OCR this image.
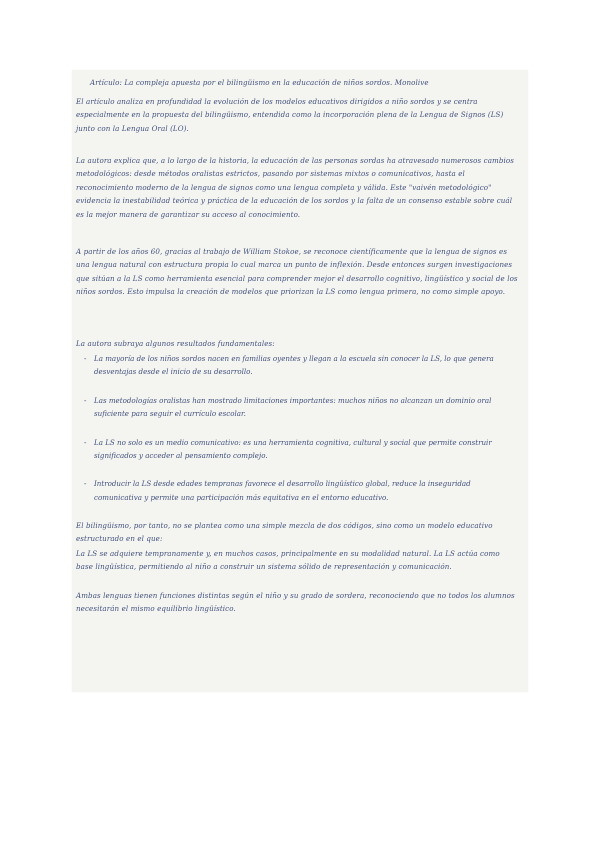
Artículo: La compleja apuesta por el bilingüismo en la educación de niños sordos. Monolive
El artículo analiza en profundidad la evolución de los modelos educativos dirigidos a niño sordos y se centra especialmente en la propuesta del bilingüismo, entendida como la incorporación plena de la Lengua de Signos (LS) junto con la Lengua Oral (LO).
La autora explica que, a lo largo de la historia, la educación de las personas sordas ha atravesado numerosos cambios metodológicos: desde métodos oralistas estrictos, pasando por sistemas mixtos o comunicativos, hasta el reconocimiento moderno de la lengua de signos como una lengua completa y válida. Este "vaivén metodológico" evidencia la inestabilidad teórica y práctica de la educación de los sordos y la falta de un consenso estable sobre cuál es la mejor manera de garantizar su acceso al conocimiento.
A partir de los años 60, gracias al trabajo de William Stokoe, se reconoce científicamente que la lengua de signos es una lengua natural con estructura propia lo cual marca un punto de inflexión. Desde entonces surgen investigaciones que sitúan a la LS como herramienta esencial para comprender mejor el desarrollo cognitivo, lingüístico y social de los niños sordos. Esto impulsa la creación de modelos que priorizan la LS como lengua primera, no como simple apoyo.
La autora subraya algunos resultados fundamentales:
- La mayoría de los niños sordos nacen en familias oyentes y llegan a la escuela sin conocer la LS, lo que genera desventajas desde el inicio de su desarrollo.
- Las metodologías oralistas han mostrado limitaciones importantes: muchos niños no alcanzan un dominio oral suficiente para seguir el currículo escolar.
- La LS no solo es un medio comunicativo: es una herramienta cognitiva, cultural y social que permite construir significados y acceder al pensamiento complejo.
- Introducir la LS desde edades tempranas favorece el desarrollo lingüístico global, reduce la inseguridad comunicativa y permite una participación más equitativa en el entorno educativo.
El bilingüismo, por tanto, no se plantea como una simple mezcla de dos códigos, sino como un modelo educativo estructurado en el que:
La LS se adquiere tempranamente y, en muchos casos, principalmente en su modalidad natural. La LS actúa como base lingüística, permitiendo al niño a construir un sistema sólido de representación y comunicación.
Ambas lenguas tienen funciones distintas según el niño y su grado de sordera, reconociendo que no todos los alumnos necesitarán el mismo equilibrio lingüístico.
